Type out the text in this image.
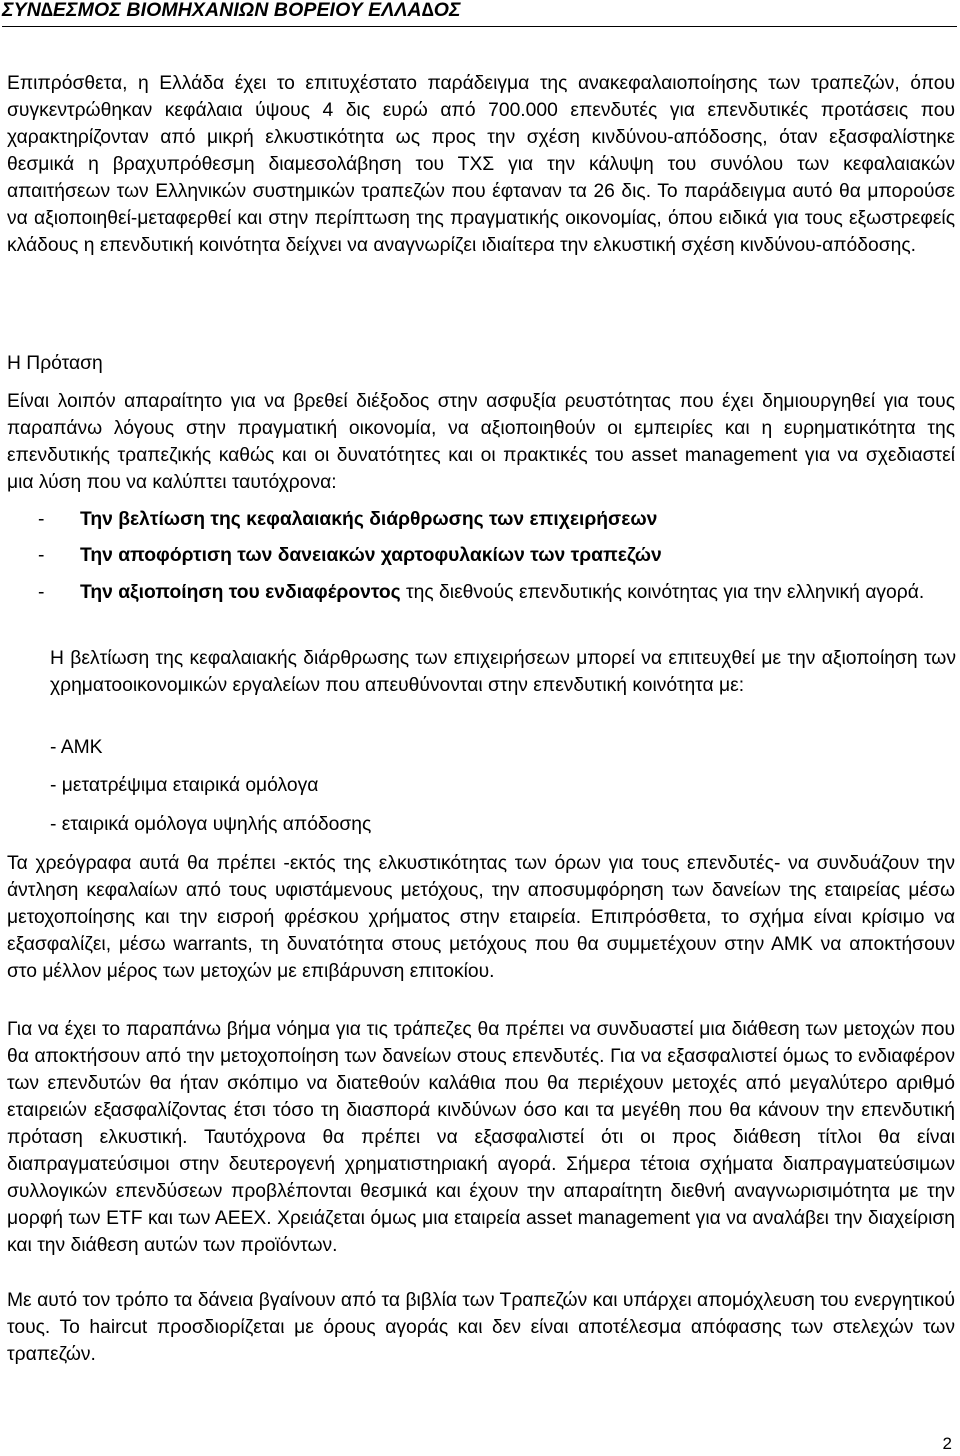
ΣΥΝ∆ΕΣΜΟΣ ΒΙΟΜΗΧΑΝΙΩΝ ΒΟΡΕΙΟΥ ΕΛΛΑ∆ΟΣ
Επιπρόσθετα, η Ελλάδα έχει το επιτυχέστατο παράδειγμα της ανακεφαλαιοποίησης των τραπεζών, όπου συγκεντρώθηκαν κεφάλαια ύψους 4 δις ευρώ από 700.000 επενδυτές για επενδυτικές προτάσεις που χαρακτηρίζονταν από μικρή ελκυστικότητα ως προς την σχέση κινδύνου-απόδοσης, όταν εξασφαλίστηκε θεσμικά η βραχυπρόθεσμη διαμεσολάβηση του ΤΧΣ για την κάλυψη του συνόλου των κεφαλαιακών απαιτήσεων των Ελληνικών συστημικών τραπεζών που έφταναν τα 26 δις. Το παράδειγμα αυτό θα μπορούσε να αξιοποιηθεί-μεταφερθεί και στην περίπτωση της πραγματικής οικονομίας, όπου ειδικά για τους εξωστρεφείς κλάδους η επενδυτική κοινότητα δείχνει να αναγνωρίζει ιδιαίτερα την ελκυστική σχέση κινδύνου-απόδοσης.
Η Πρόταση
Είναι λοιπόν απαραίτητο για να βρεθεί διέξοδος στην ασφυξία ρευστότητας που έχει δημιουργηθεί για τους παραπάνω λόγους στην πραγματική οικονομία, να αξιοποιηθούν οι εμπειρίες και η ευρηματικότητα της επενδυτικής τραπεζικής καθώς και οι δυνατότητες και οι πρακτικές του asset management για να σχεδιαστεί μια λύση που να καλύπτει ταυτόχρονα:
- Την βελτίωση της κεφαλαιακής διάρθρωσης των επιχειρήσεων
- Την αποφόρτιση των δανειακών χαρτοφυλακίων των τραπεζών
- Την αξιοποίηση του ενδιαφέροντος της διεθνούς επενδυτικής κοινότητας για την ελληνική αγορά.
Η βελτίωση της κεφαλαιακής διάρθρωσης των επιχειρήσεων μπορεί να επιτευχθεί με την αξιοποίηση των χρηματοοικονομικών εργαλείων που απευθύνονται στην επενδυτική κοινότητα με:
- ΑΜΚ
- μετατρέψιμα εταιρικά ομόλογα
- εταιρικά ομόλογα υψηλής απόδοσης
Τα χρεόγραφα αυτά θα πρέπει -εκτός της ελκυστικότητας των όρων για τους επενδυτές- να συνδυάζουν την άντληση κεφαλαίων από τους υφιστάμενους μετόχους, την αποσυμφόρηση των δανείων της εταιρείας μέσω μετοχοποίησης και την εισροή φρέσκου χρήματος στην εταιρεία. Επιπρόσθετα, το σχήμα είναι κρίσιμο να εξασφαλίζει, μέσω warrants, τη δυνατότητα στους μετόχους που θα συμμετέχουν στην ΑΜΚ να αποκτήσουν στο μέλλον μέρος των μετοχών με επιβάρυνση επιτοκίου.
Για να έχει το παραπάνω βήμα νόημα για τις τράπεζες θα πρέπει να συνδυαστεί μια διάθεση των μετοχών που θα αποκτήσουν από την μετοχοποίηση των δανείων στους επενδυτές. Για να εξασφαλιστεί όμως το ενδιαφέρον των επενδυτών θα ήταν σκόπιμο να διατεθούν καλάθια που θα περιέχουν μετοχές από μεγαλύτερο αριθμό εταιρειών εξασφαλίζοντας έτσι τόσο τη διασπορά κινδύνων όσο και τα μεγέθη που θα κάνουν την επενδυτική πρόταση ελκυστική. Ταυτόχρονα θα πρέπει να εξασφαλιστεί ότι οι προς διάθεση τίτλοι θα είναι διαπραγματεύσιμοι στην δευτερογενή χρηματιστηριακή αγορά. Σήμερα τέτοια σχήματα διαπραγματεύσιμων συλλογικών επενδύσεων προβλέπονται θεσμικά και έχουν την απαραίτητη διεθνή αναγνωρισιμότητα με την μορφή των ETF και των ΑΕΕΧ. Χρειάζεται όμως μια εταιρεία asset management για να αναλάβει την διαχείριση και την διάθεση αυτών των προϊόντων.
Με αυτό τον τρόπο τα δάνεια βγαίνουν από τα βιβλία των Τραπεζών και υπάρχει απομόχλευση του ενεργητικού τους. Το haircut προσδιορίζεται με όρους αγοράς και δεν είναι αποτέλεσμα απόφασης των στελεχών των τραπεζών.
2
